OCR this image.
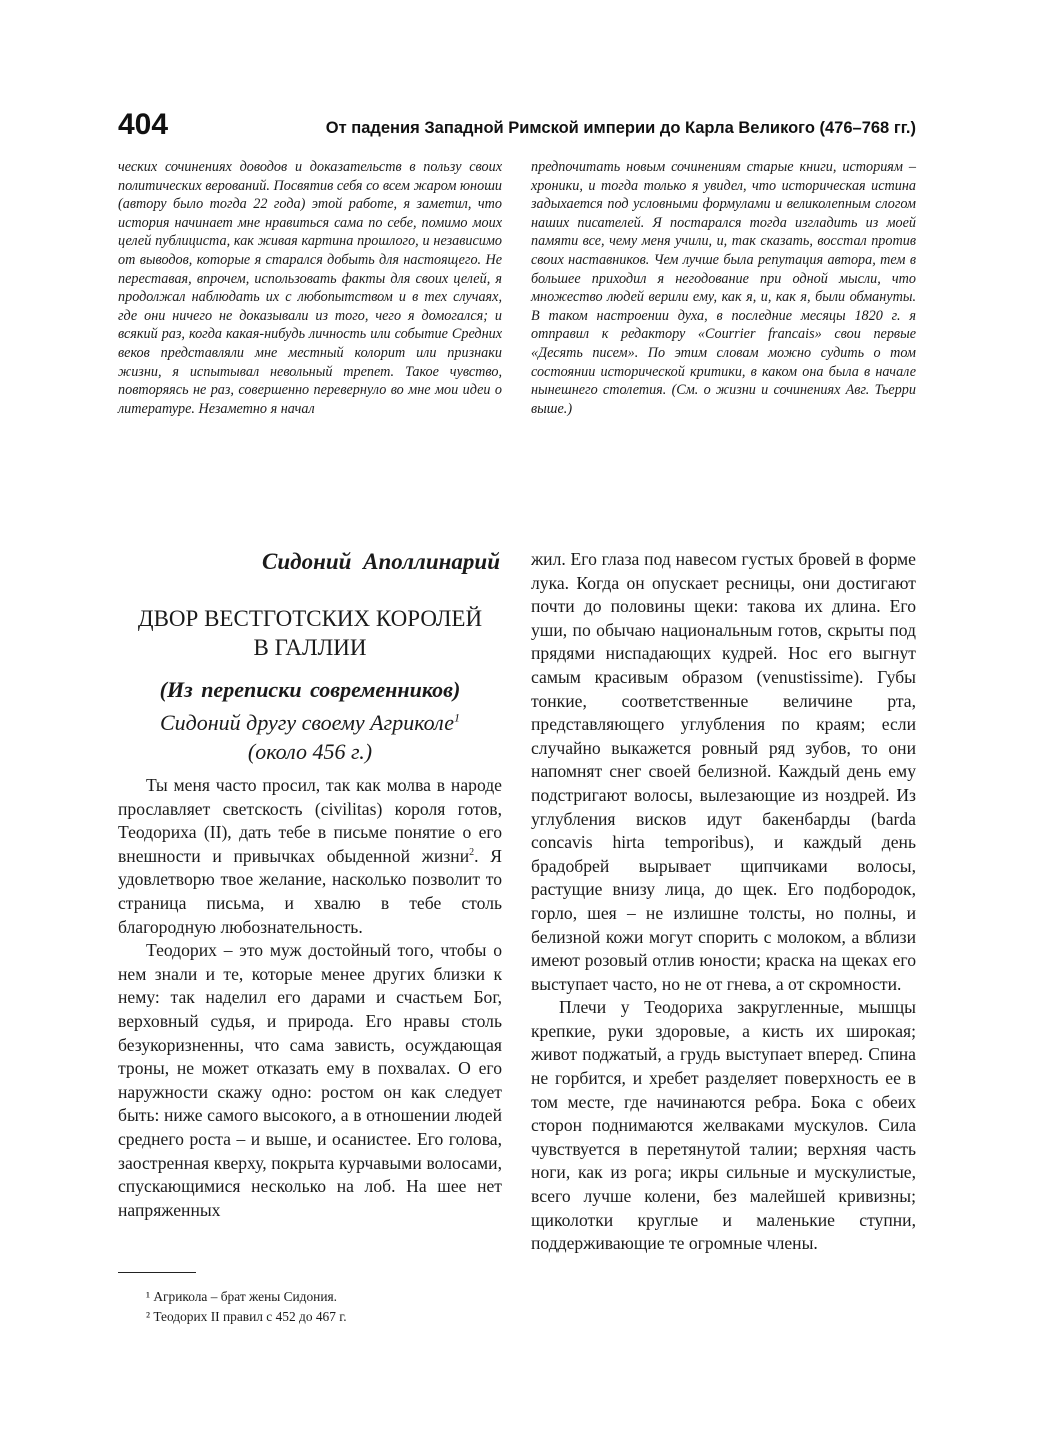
404	От падения Западной Римской империи до Карла Великого (476–768 гг.)

ческих сочинениях доводов и доказательств в пользу своих политических верований. Посвятив себя со всем жаром юноши (автору было тогда 22 года) этой работе, я заметил, что история начинает мне нравиться сама по себе, помимо моих целей публициста, как живая картина прошлого, и независимо от выводов, которые я старался добыть для настоящего. Не переставая, впрочем, использовать факты для своих целей, я продолжал наблюдать их с любопытством и в тех случаях, где они ничего не доказывали из того, чего я домогался; и всякий раз, когда какая-нибудь личность или событие Средних веков представляли мне местный колорит или признаки жизни, я испытывал невольный трепет. Такое чувство, повторяясь не раз, совершенно перевернуло во мне мои идеи о литературе. Незаметно я начал

предпочитать новым сочинениям старые книги, историям – хроники, и тогда только я увидел, что историческая истина задыхается под условными формулами и великолепным слогом наших писателей. Я постарался тогда изгладить из моей памяти все, чему меня учили, и, так сказать, восстал против своих наставников. Чем лучше была репутация автора, тем в большее приходил я негодование при одной мысли, что множество людей верили ему, как я, и, как я, были обмануты. В таком настроении духа, в последние месяцы 1820 г. я отправил к редактору «Courrier francais» свои первые «Десять писем». По этим словам можно судить о том состоянии исторической критики, в каком она была в начале нынешнего столетия. (См. о жизни и сочинениях Авг. Тьерри выше.)

Сидоний Аполлинарий
ДВОР ВЕСТГОТСКИХ КОРОЛЕЙ
В ГАЛЛИИ

(Из переписки современников)

Сидоний другу своему Агриколе$^1$
(около 456 г.)

Ты меня часто просил, так как молва в народе прославляет светскость (civilitas) короля готов, Теодориха (II), дать тебе в письме понятие о его внешности и привычках обыденной жизни$^2$. Я удовлетворю твое желание, насколько позволит то страница письма, и хвалю в тебе столь благородную любознательность.

Теодорих – это муж достойный того, чтобы о нем знали и те, которые менее других близки к нему: так наделил его дарами и счастьем Бог, верховный судья, и природа. Его нравы столь безукоризненны, что сама зависть, осуждающая троны, не может отказать ему в похвалах. О его наружности скажу одно: ростом он как следует быть: ниже самого высокого, а в отношении людей среднего роста – и выше, и осанистее. Его голова, заостренная кверху, покрыта курчавыми волосами, спускающимися несколько на лоб. На шее нет напряженных

жил. Его глаза под навесом густых бровей в форме лука. Когда он опускает ресницы, они достигают почти до половины щеки: такова их длина. Его уши, по обычаю национальным готов, скрыты под прядями ниспадающих кудрей. Нос его выгнут самым красивым образом (venustissime). Губы тонкие, соответственные величине рта, представляющего углубления по краям; если случайно выкажется ровный ряд зубов, то они напомнят снег своей белизной. Каждый день ему подстригают волосы, вылезающие из ноздрей. Из углубления висков идут бакенбарды (barda concavis hirta temporibus), и каждый день брадобрей вырывает щипчиками волосы, растущие внизу лица, до щек. Его подбородок, горло, шея – не излишне толсты, но полны, и белизной кожи могут спорить с молоком, а вблизи имеют розовый отлив юности; краска на щеках его выступает часто, но не от гнева, а от скромности.

Плечи у Теодориха закругленные, мышцы крепкие, руки здоровые, а кисть их широкая; живот поджатый, а грудь выступает вперед. Спина не горбится, и хребет разделяет поверхность ее в том месте, где начинаются ребра. Бока с обеих сторон поднимаются желваками мускулов. Сила чувствуется в перетянутой талии; верхняя часть ноги, как из рога; икры сильные и мускулистые, всего лучше колени, без малейшей кривизны; щиколотки круглые и маленькие ступни, поддерживающие те огромные члены.

¹ Агрикола – брат жены Сидония.
² Теодорих II правил с 452 до 467 г.
